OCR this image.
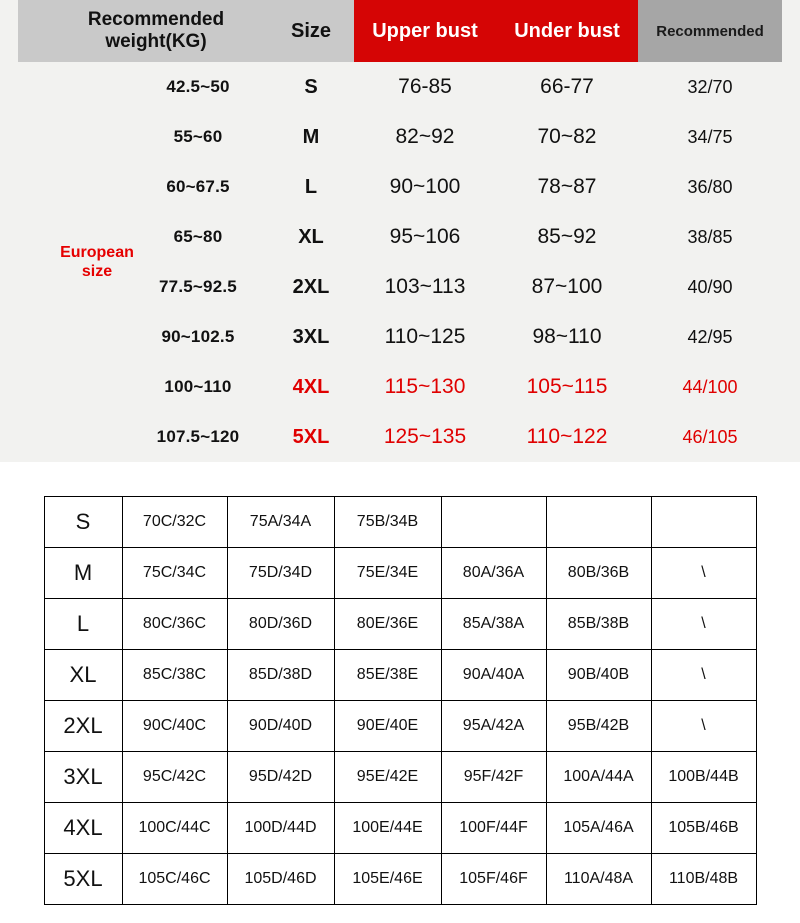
Recommended
weight(KG)		Size	Upper bust	Under bust	Recommended

European
size	42.5~50	S	76-85	66-77	32/70
	55~60	M	82~92	70~82	34/75
	60~67.5	L	90~100	78~87	36/80
	65~80	XL	95~106	85~92	38/85
	77.5~92.5	2XL	103~113	87~100	40/90
	90~102.5	3XL	110~125	98~110	42/95
	100~110	4XL	115~130	105~115	44/100
	107.5~120	5XL	125~135	110~122	46/105
S	70C/32C	75A/34A	75B/34B			
M	75C/34C	75D/34D	75E/34E	80A/36A	80B/36B	\
L	80C/36C	80D/36D	80E/36E	85A/38A	85B/38B	\
XL	85C/38C	85D/38D	85E/38E	90A/40A	90B/40B	\
2XL	90C/40C	90D/40D	90E/40E	95A/42A	95B/42B	\
3XL	95C/42C	95D/42D	95E/42E	95F/42F	100A/44A	100B/44B
4XL	100C/44C	100D/44D	100E/44E	100F/44F	105A/46A	105B/46B
5XL	105C/46C	105D/46D	105E/46E	105F/46F	110A/48A	110B/48B
